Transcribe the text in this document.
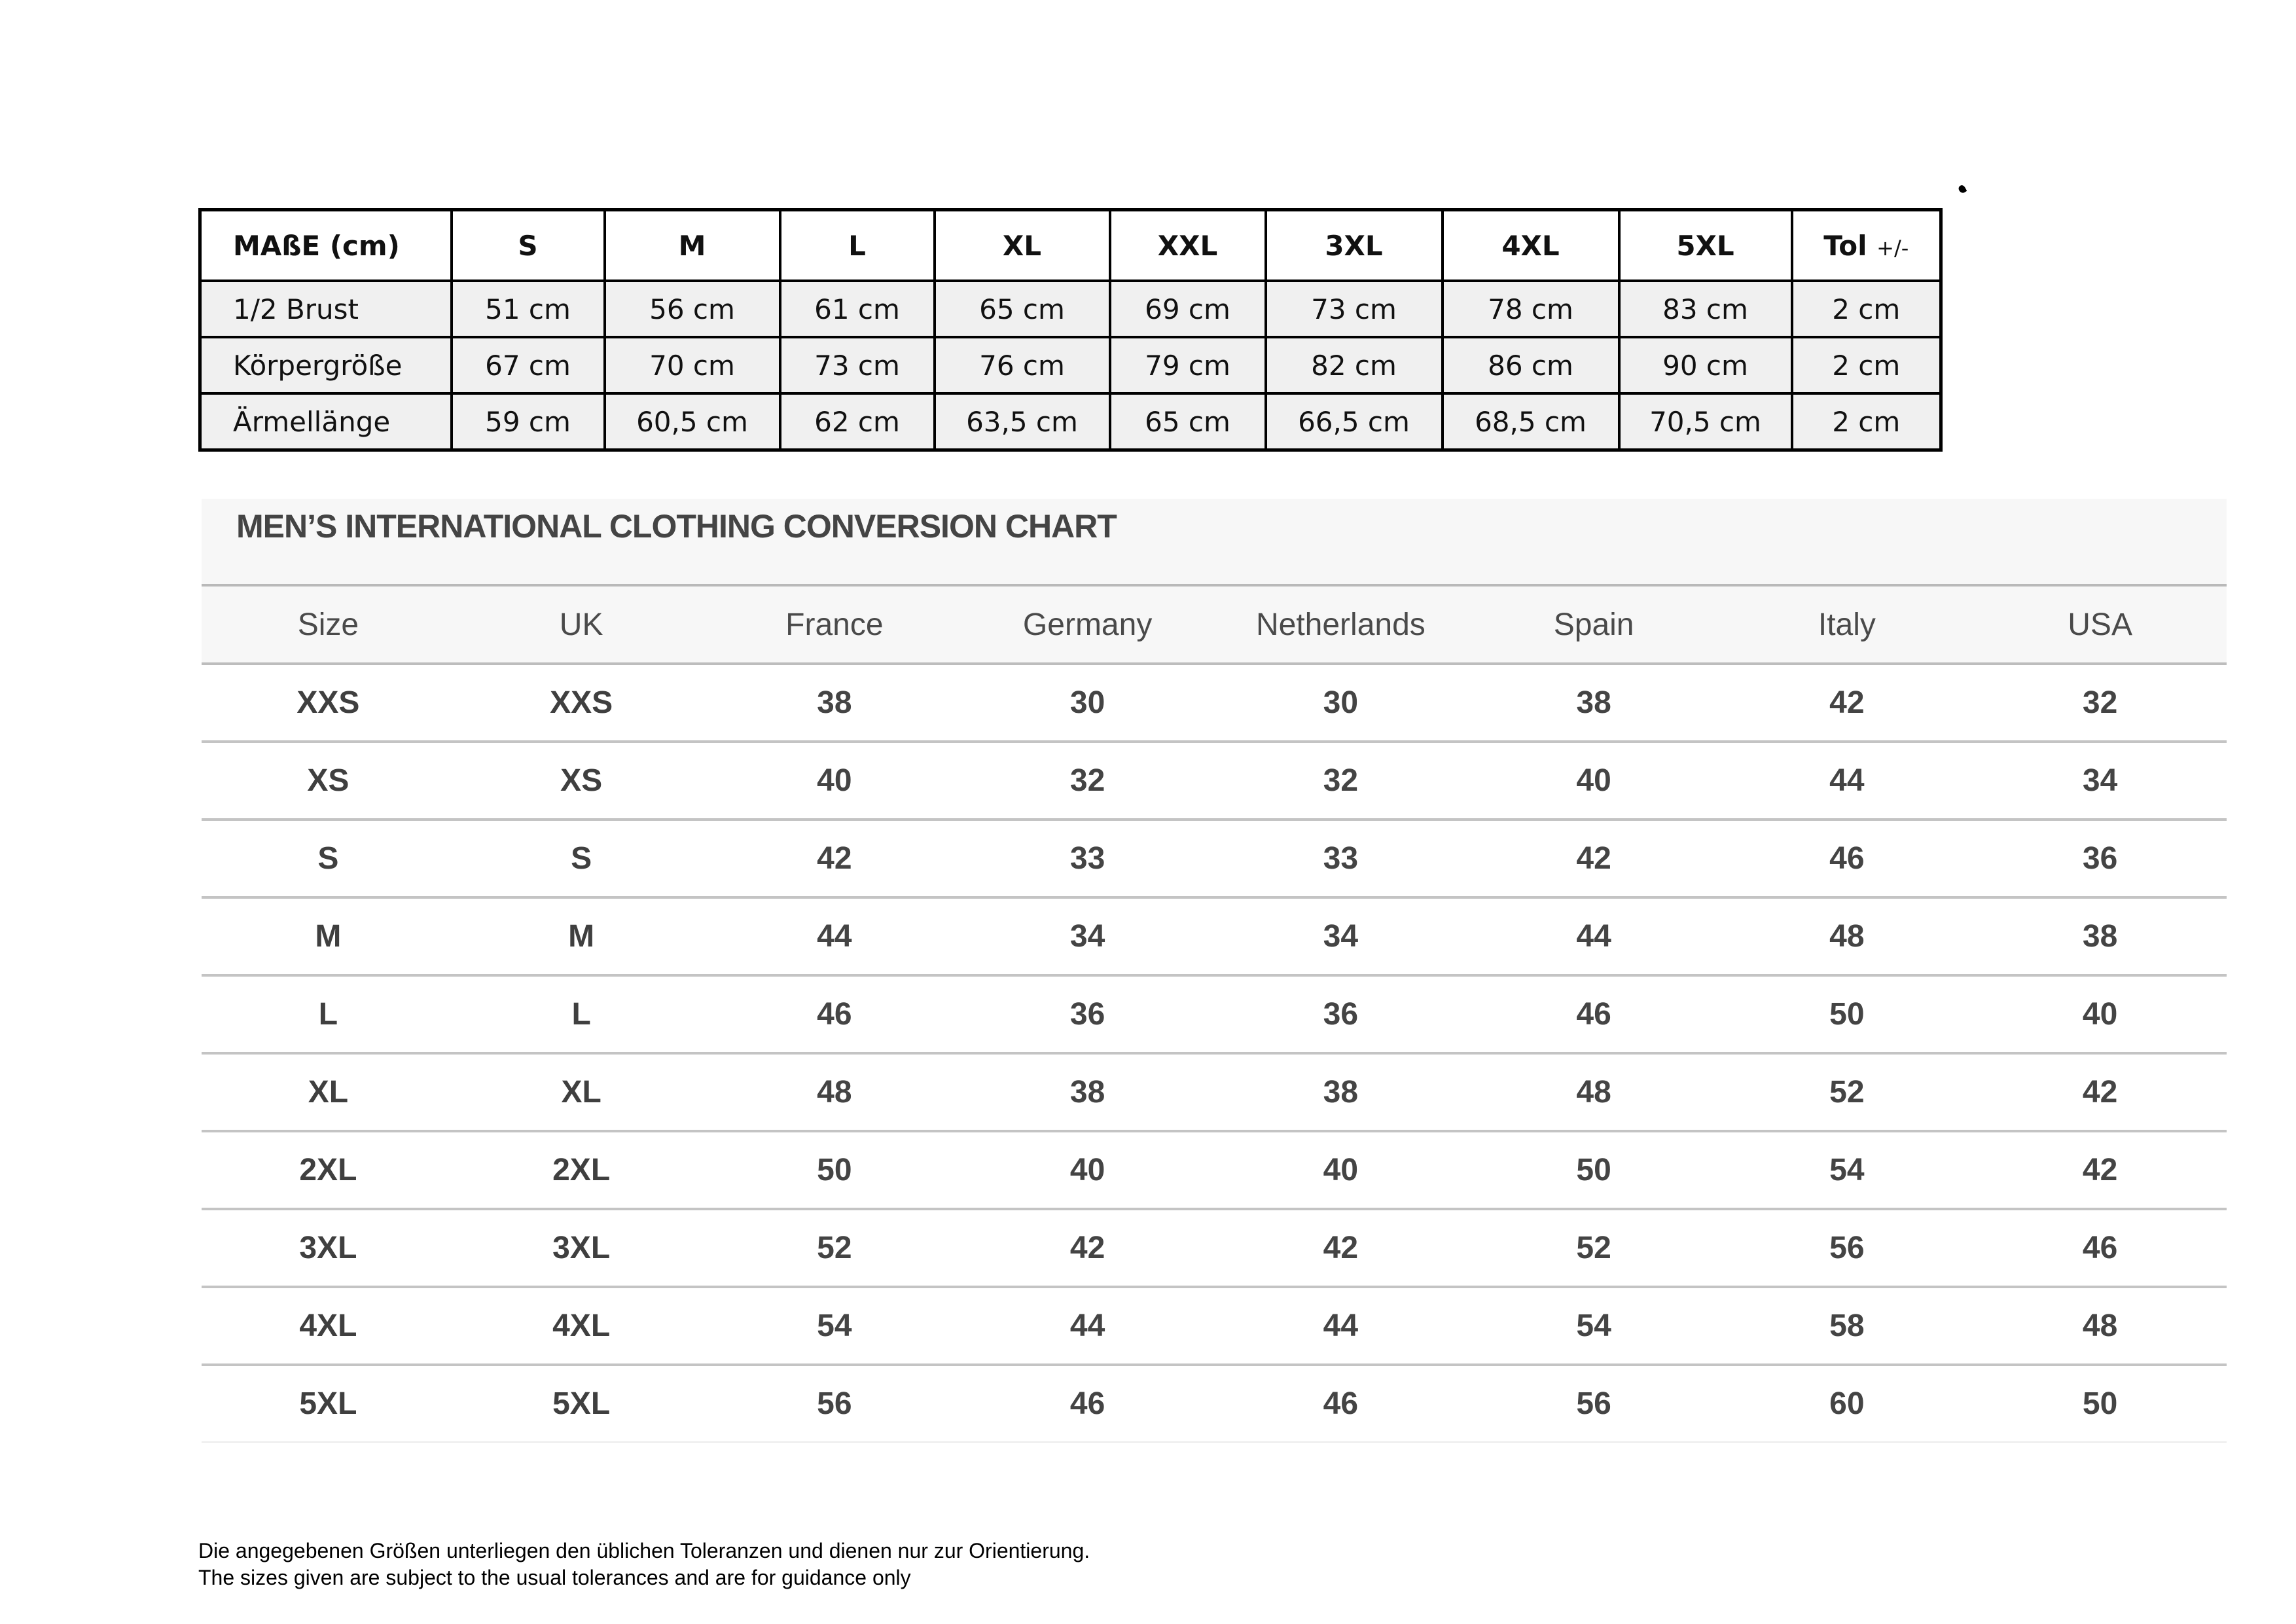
MAßE (cm)	S	M	L	XL	XXL	3XL	4XL	5XL	Tol +/-
1/2 Brust	51 cm	56 cm	61 cm	65 cm	69 cm	73 cm	78 cm	83 cm	2 cm
Körpergröße	67 cm	70 cm	73 cm	76 cm	79 cm	82 cm	86 cm	90 cm	2 cm
Ärmellänge	59 cm	60,5 cm	62 cm	63,5 cm	65 cm	66,5 cm	68,5 cm	70,5 cm	2 cm
MEN’S INTERNATIONAL CLOTHING CONVERSION CHART
Size	UK	France	Germany	Netherlands	Spain	Italy	USA
XXS	XXS	38	30	30	38	42	32
XS	XS	40	32	32	40	44	34
S	S	42	33	33	42	46	36
M	M	44	34	34	44	48	38
L	L	46	36	36	46	50	40
XL	XL	48	38	38	48	52	42
2XL	2XL	50	40	40	50	54	42
3XL	3XL	52	42	42	52	56	46
4XL	4XL	54	44	44	54	58	48
5XL	5XL	56	46	46	56	60	50

Die angegebenen Größen unterliegen den üblichen Toleranzen und dienen nur zur Orientierung.

The sizes given are subject to the usual tolerances and are for guidance only
